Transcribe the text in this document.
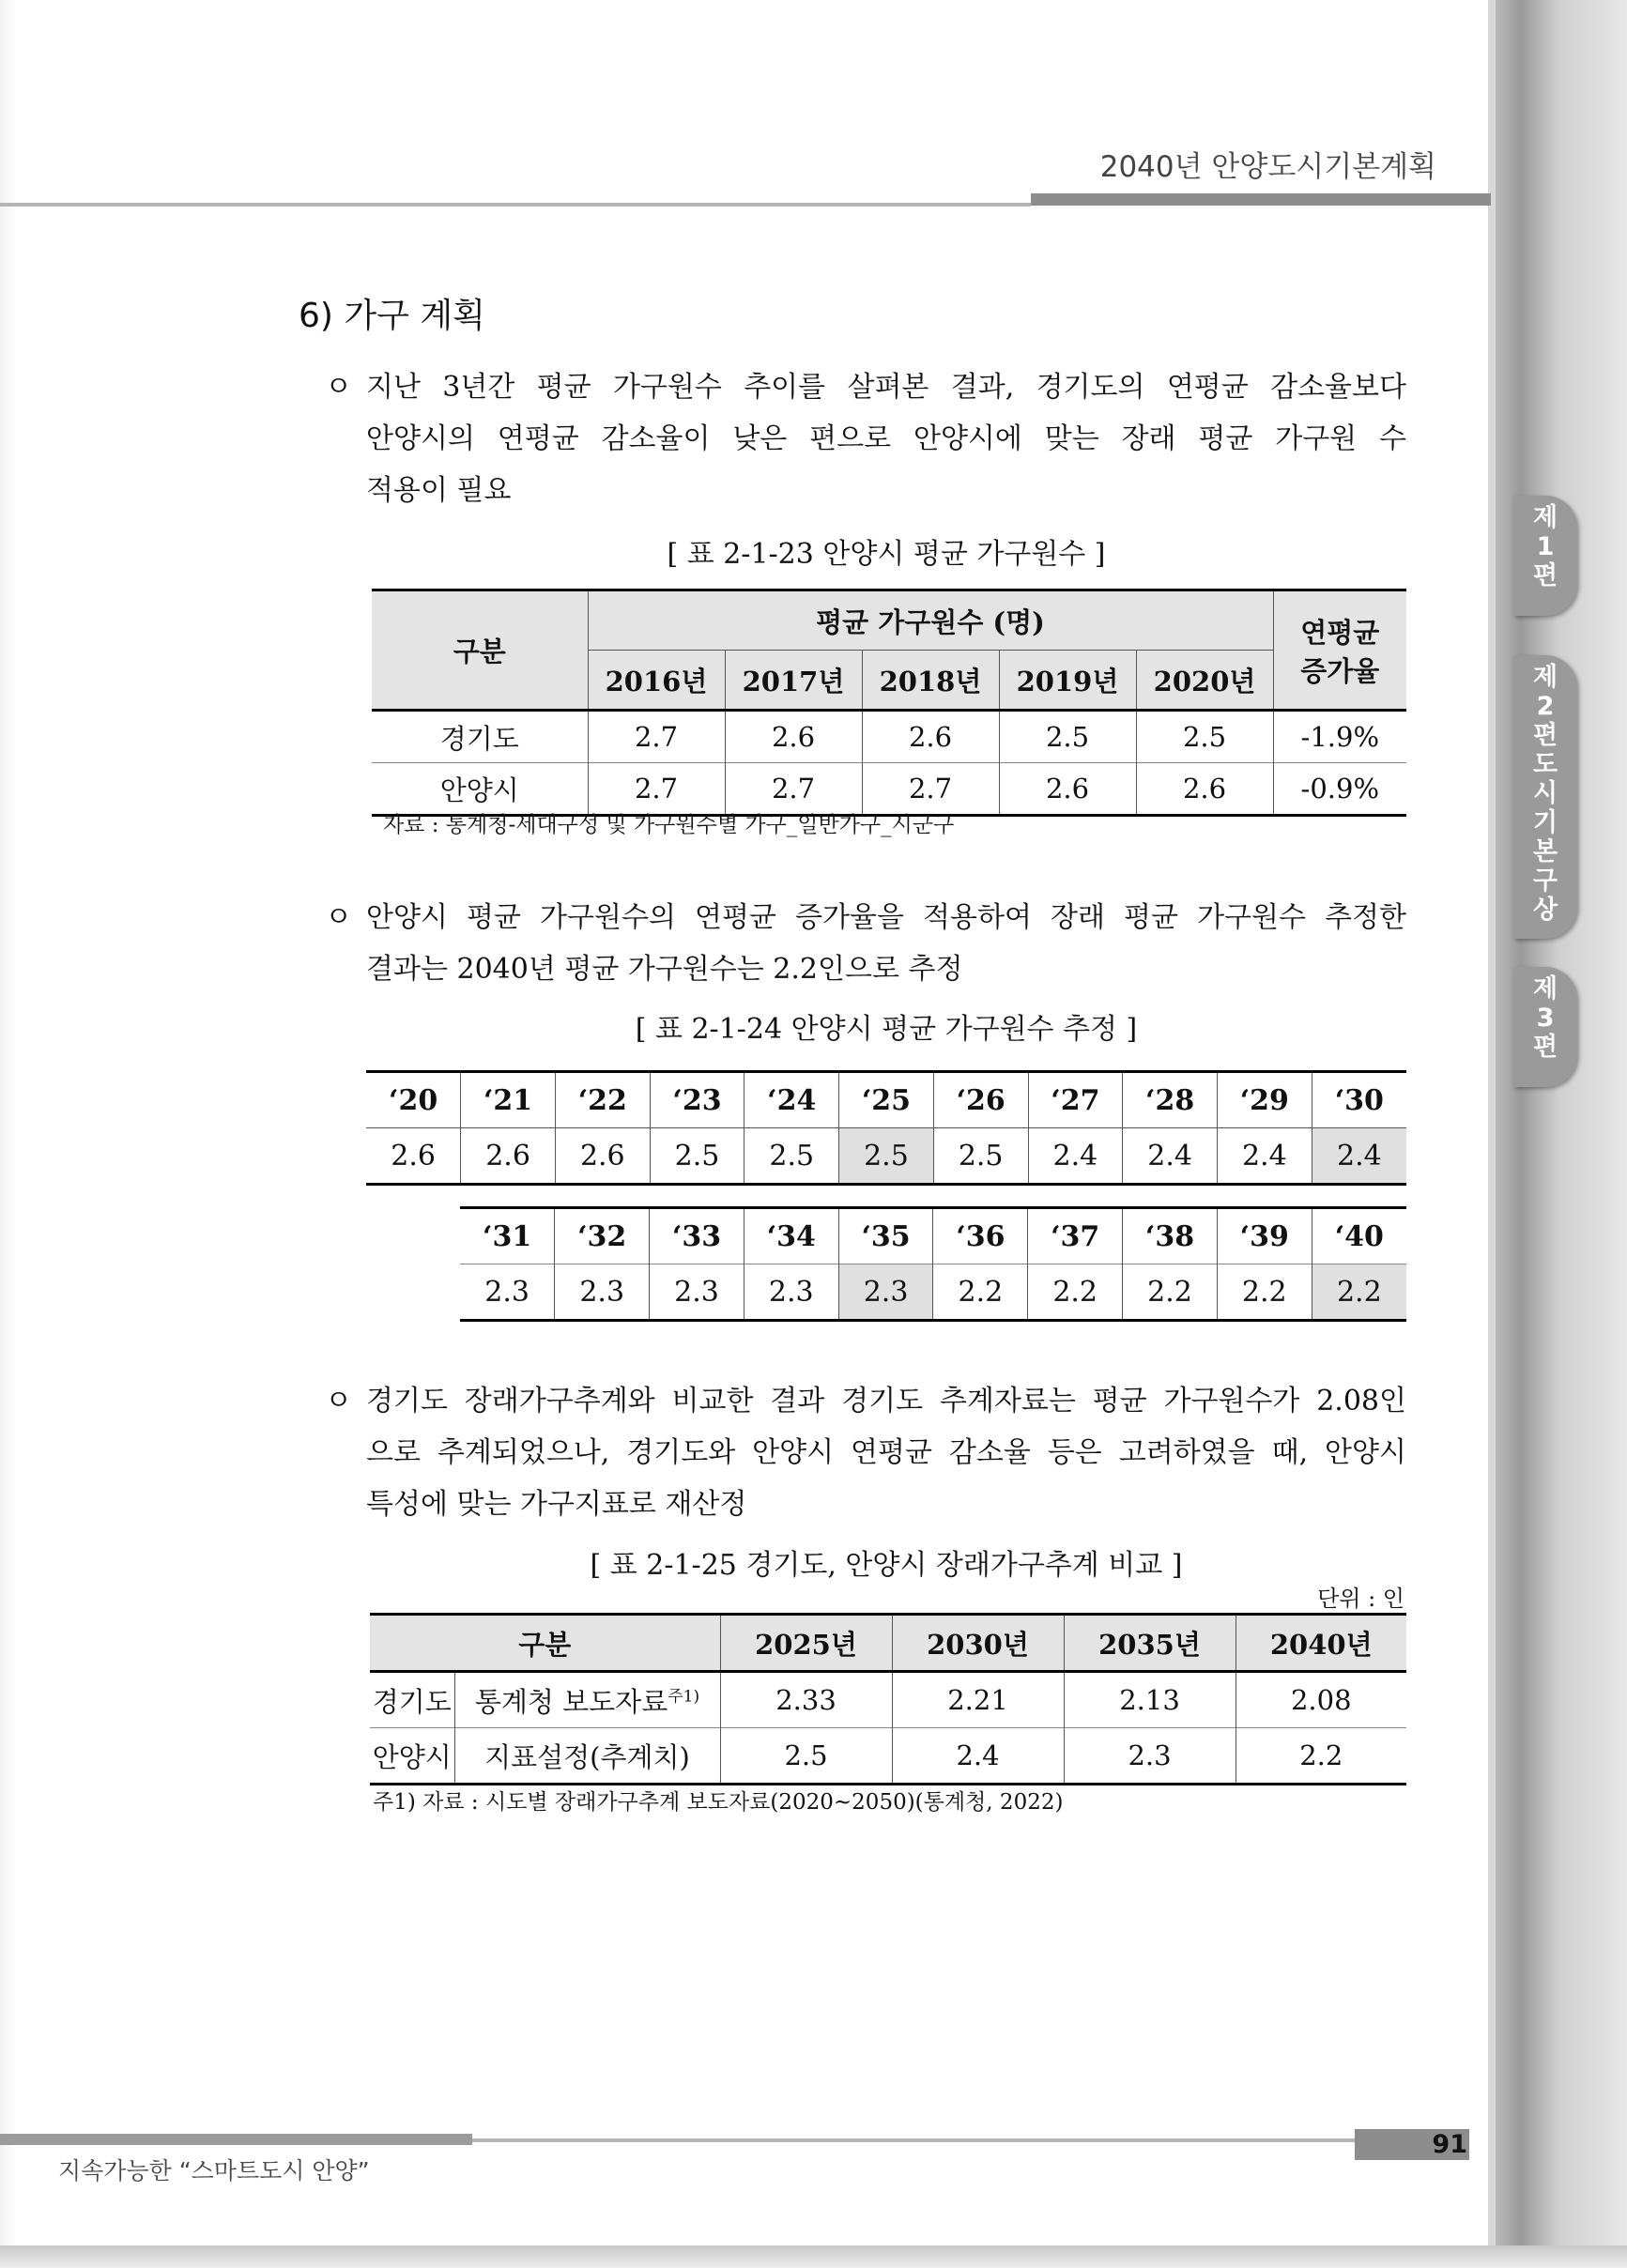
2040년 안양도시기본계획
제
1
편
제
2
편
도
시
기
본
구
상
제
3
편
6) 가구 계획
ㅇ 지난 3년간 평균 가구원수 추이를 살펴본 결과, 경기도의 연평균 감소율보다

안양시의 연평균 감소율이 낮은 편으로 안양시에 맞는 장래 평균 가구원 수

적용이 필요

[ 표 2-1-23 안양시 평균 가구원수 ]
구분	평균 가구원수 (명)					연평균
증가율

	2016년	2017년	2018년	2019년	2020년	
경기도	2.7	2.6	2.6	2.5	2.5	-1.9%
안양시	2.7	2.7	2.7	2.6	2.6	-0.9%
자료 : 통계청-세대구성 및 가구원수별 가구_일반가구_시군구
ㅇ 안양시 평균 가구원수의 연평균 증가율을 적용하여 장래 평균 가구원수 추정한

결과는 2040년 평균 가구원수는 2.2인으로 추정

[ 표 2-1-24 안양시 평균 가구원수 추정 ]
‘20	‘21	‘22	‘23	‘24	‘25	‘26	‘27	‘28	‘29	‘30
2.6	2.6	2.6	2.5	2.5	2.5	2.5	2.4	2.4	2.4	2.4
‘31	‘32	‘33	‘34	‘35	‘36	‘37	‘38	‘39	‘40
2.3	2.3	2.3	2.3	2.3	2.2	2.2	2.2	2.2	2.2
ㅇ 경기도 장래가구추계와 비교한 결과 경기도 추계자료는 평균 가구원수가 2.08인

으로 추계되었으나, 경기도와 안양시 연평균 감소율 등은 고려하였을 때, 안양시

특성에 맞는 가구지표로 재산정

[ 표 2-1-25 경기도, 안양시 장래가구추계 비교 ]
단위 : 인
구분		2025년	2030년	2035년	2040년
경기도	통계청 보도자료$^{주1)}$	2.33	2.21	2.13	2.08
안양시	지표설정(추계치)	2.5	2.4	2.3	2.2
주1) 자료 : 시도별 장래가구추계 보도자료(2020~2050)(통계청, 2022)
91
지속가능한 “스마트도시 안양”
